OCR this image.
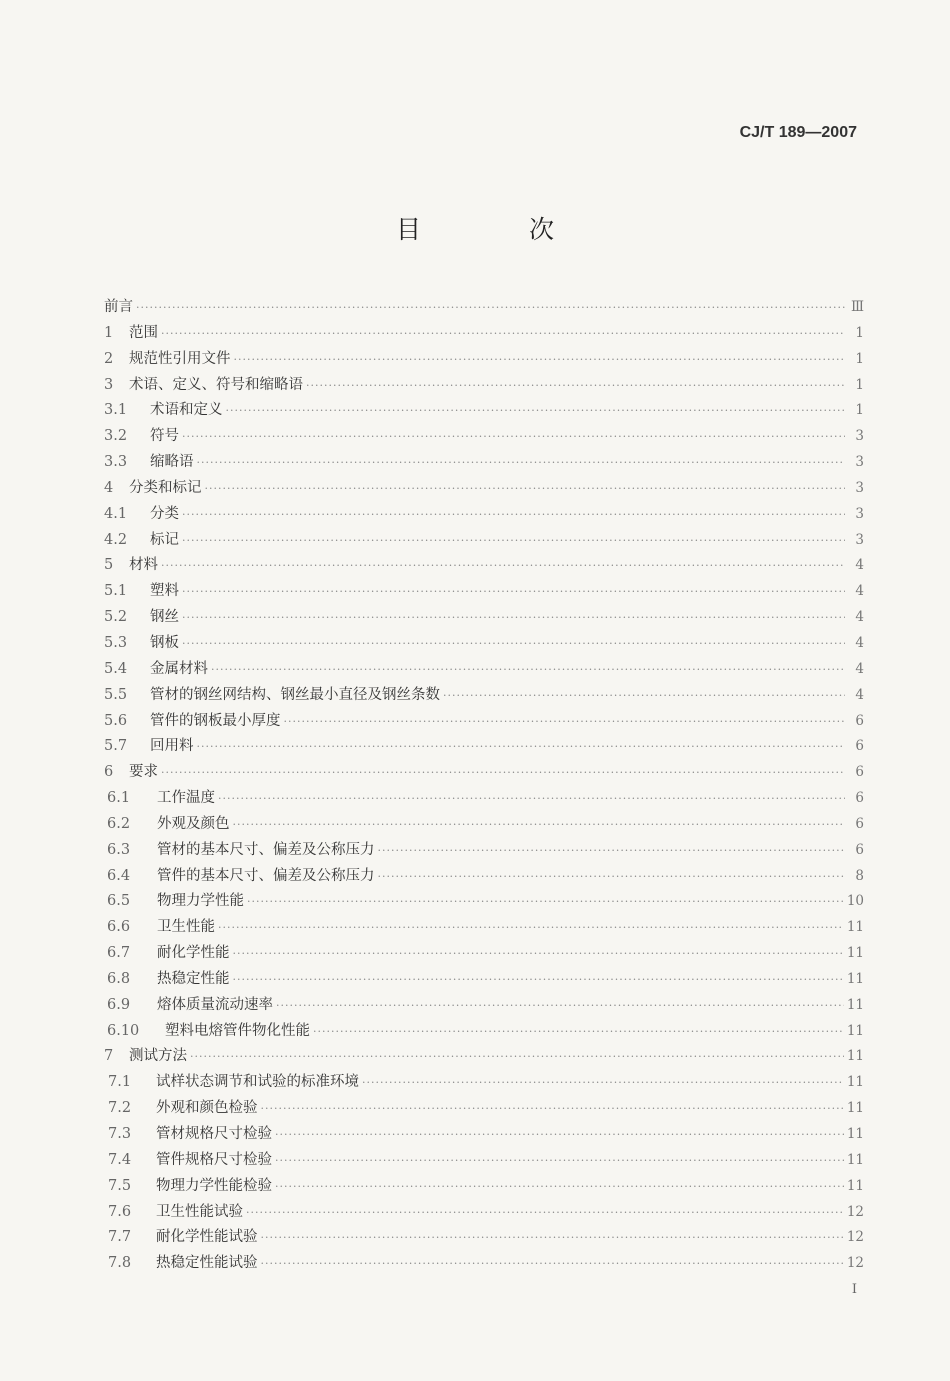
CJ/T 189—2007
目 次
前言 ·····	Ⅲ
1	范围 ·····	1
2	规范性引用文件 ·····	1
3	术语、定义、符号和缩略语 ·····	1
3.1	术语和定义 ·····	1
3.2	符号 ·····	3
3.3	缩略语 ·····	3
4	分类和标记 ·····	3
4.1	分类 ·····	3
4.2	标记 ·····	3
5	材料 ·····	4
5.1	塑料 ·····	4
5.2	钢丝 ·····	4
5.3	钢板 ·····	4
5.4	金属材料 ·····	4
5.5	管材的钢丝网结构、钢丝最小直径及钢丝条数 ·····	4
5.6	管件的钢板最小厚度 ·····	6
5.7	回用料 ·····	6
6	要求 ·····	6
6.1	工作温度 ·····	6
6.2	外观及颜色 ·····	6
6.3	管材的基本尺寸、偏差及公称压力 ·····	6
6.4	管件的基本尺寸、偏差及公称压力 ·····	8
6.5	物理力学性能 ·····	10
6.6	卫生性能 ·····	11
6.7	耐化学性能 ·····	11
6.8	热稳定性能 ·····	11
6.9	熔体质量流动速率 ·····	11
6.10	塑料电熔管件物化性能 ·····	11
7	测试方法 ·····	11
7.1	试样状态调节和试验的标准环境 ·····	11
7.2	外观和颜色检验 ·····	11
7.3	管材规格尺寸检验 ·····	11
7.4	管件规格尺寸检验 ·····	11
7.5	物理力学性能检验 ·····	11
7.6	卫生性能试验 ·····	12
7.7	耐化学性能试验 ·····	12
7.8	热稳定性能试验 ·····	12
I
